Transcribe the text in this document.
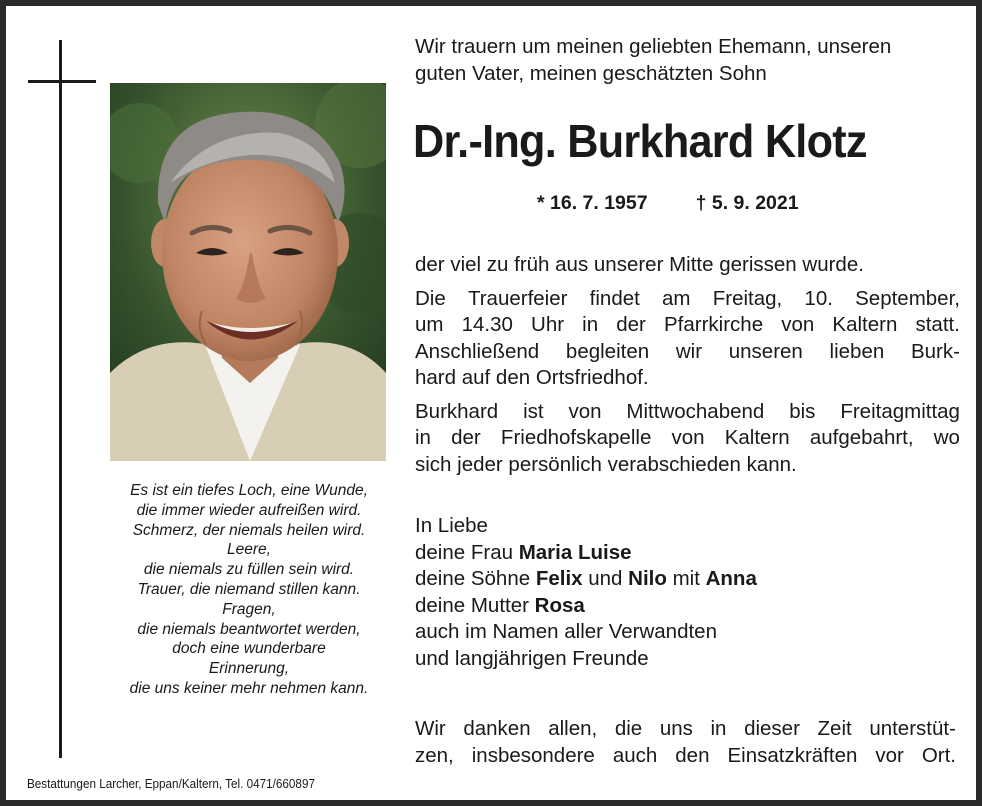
Es ist ein tiefes Loch, eine Wunde,
die immer wieder aufreißen wird.
Schmerz, der niemals heilen wird.
Leere,
die niemals zu füllen sein wird.
Trauer, die niemand stillen kann.
Fragen,
die niemals beantwortet werden,
doch eine wunderbare
Erinnerung,
die uns keiner mehr nehmen kann.
Wir trauern um meinen geliebten Ehemann, unseren
guten Vater, meinen geschätzten Sohn
Dr.-Ing. Burkhard Klotz
* 16. 7. 1957 † 5. 9. 2021
der viel zu früh aus unserer Mitte gerissen wurde.
Die Trauerfeier findet am Freitag, 10. September,
um 14.30 Uhr in der Pfarrkirche von Kaltern statt.
Anschließend begleiten wir unseren lieben Burk-
hard auf den Ortsfriedhof.
Burkhard ist von Mittwochabend bis Freitagmittag
in der Friedhofskapelle von Kaltern aufgebahrt, wo
sich jeder persönlich verabschieden kann.
In Liebe
deine Frau Maria Luise
deine Söhne Felix und Nilo mit Anna
deine Mutter Rosa
auch im Namen aller Verwandten
und langjährigen Freunde
Wir danken allen, die uns in dieser Zeit unterstüt-
zen, insbesondere auch den Einsatzkräften vor Ort.
Bestattungen Larcher, Eppan/Kaltern, Tel. 0471/660897
